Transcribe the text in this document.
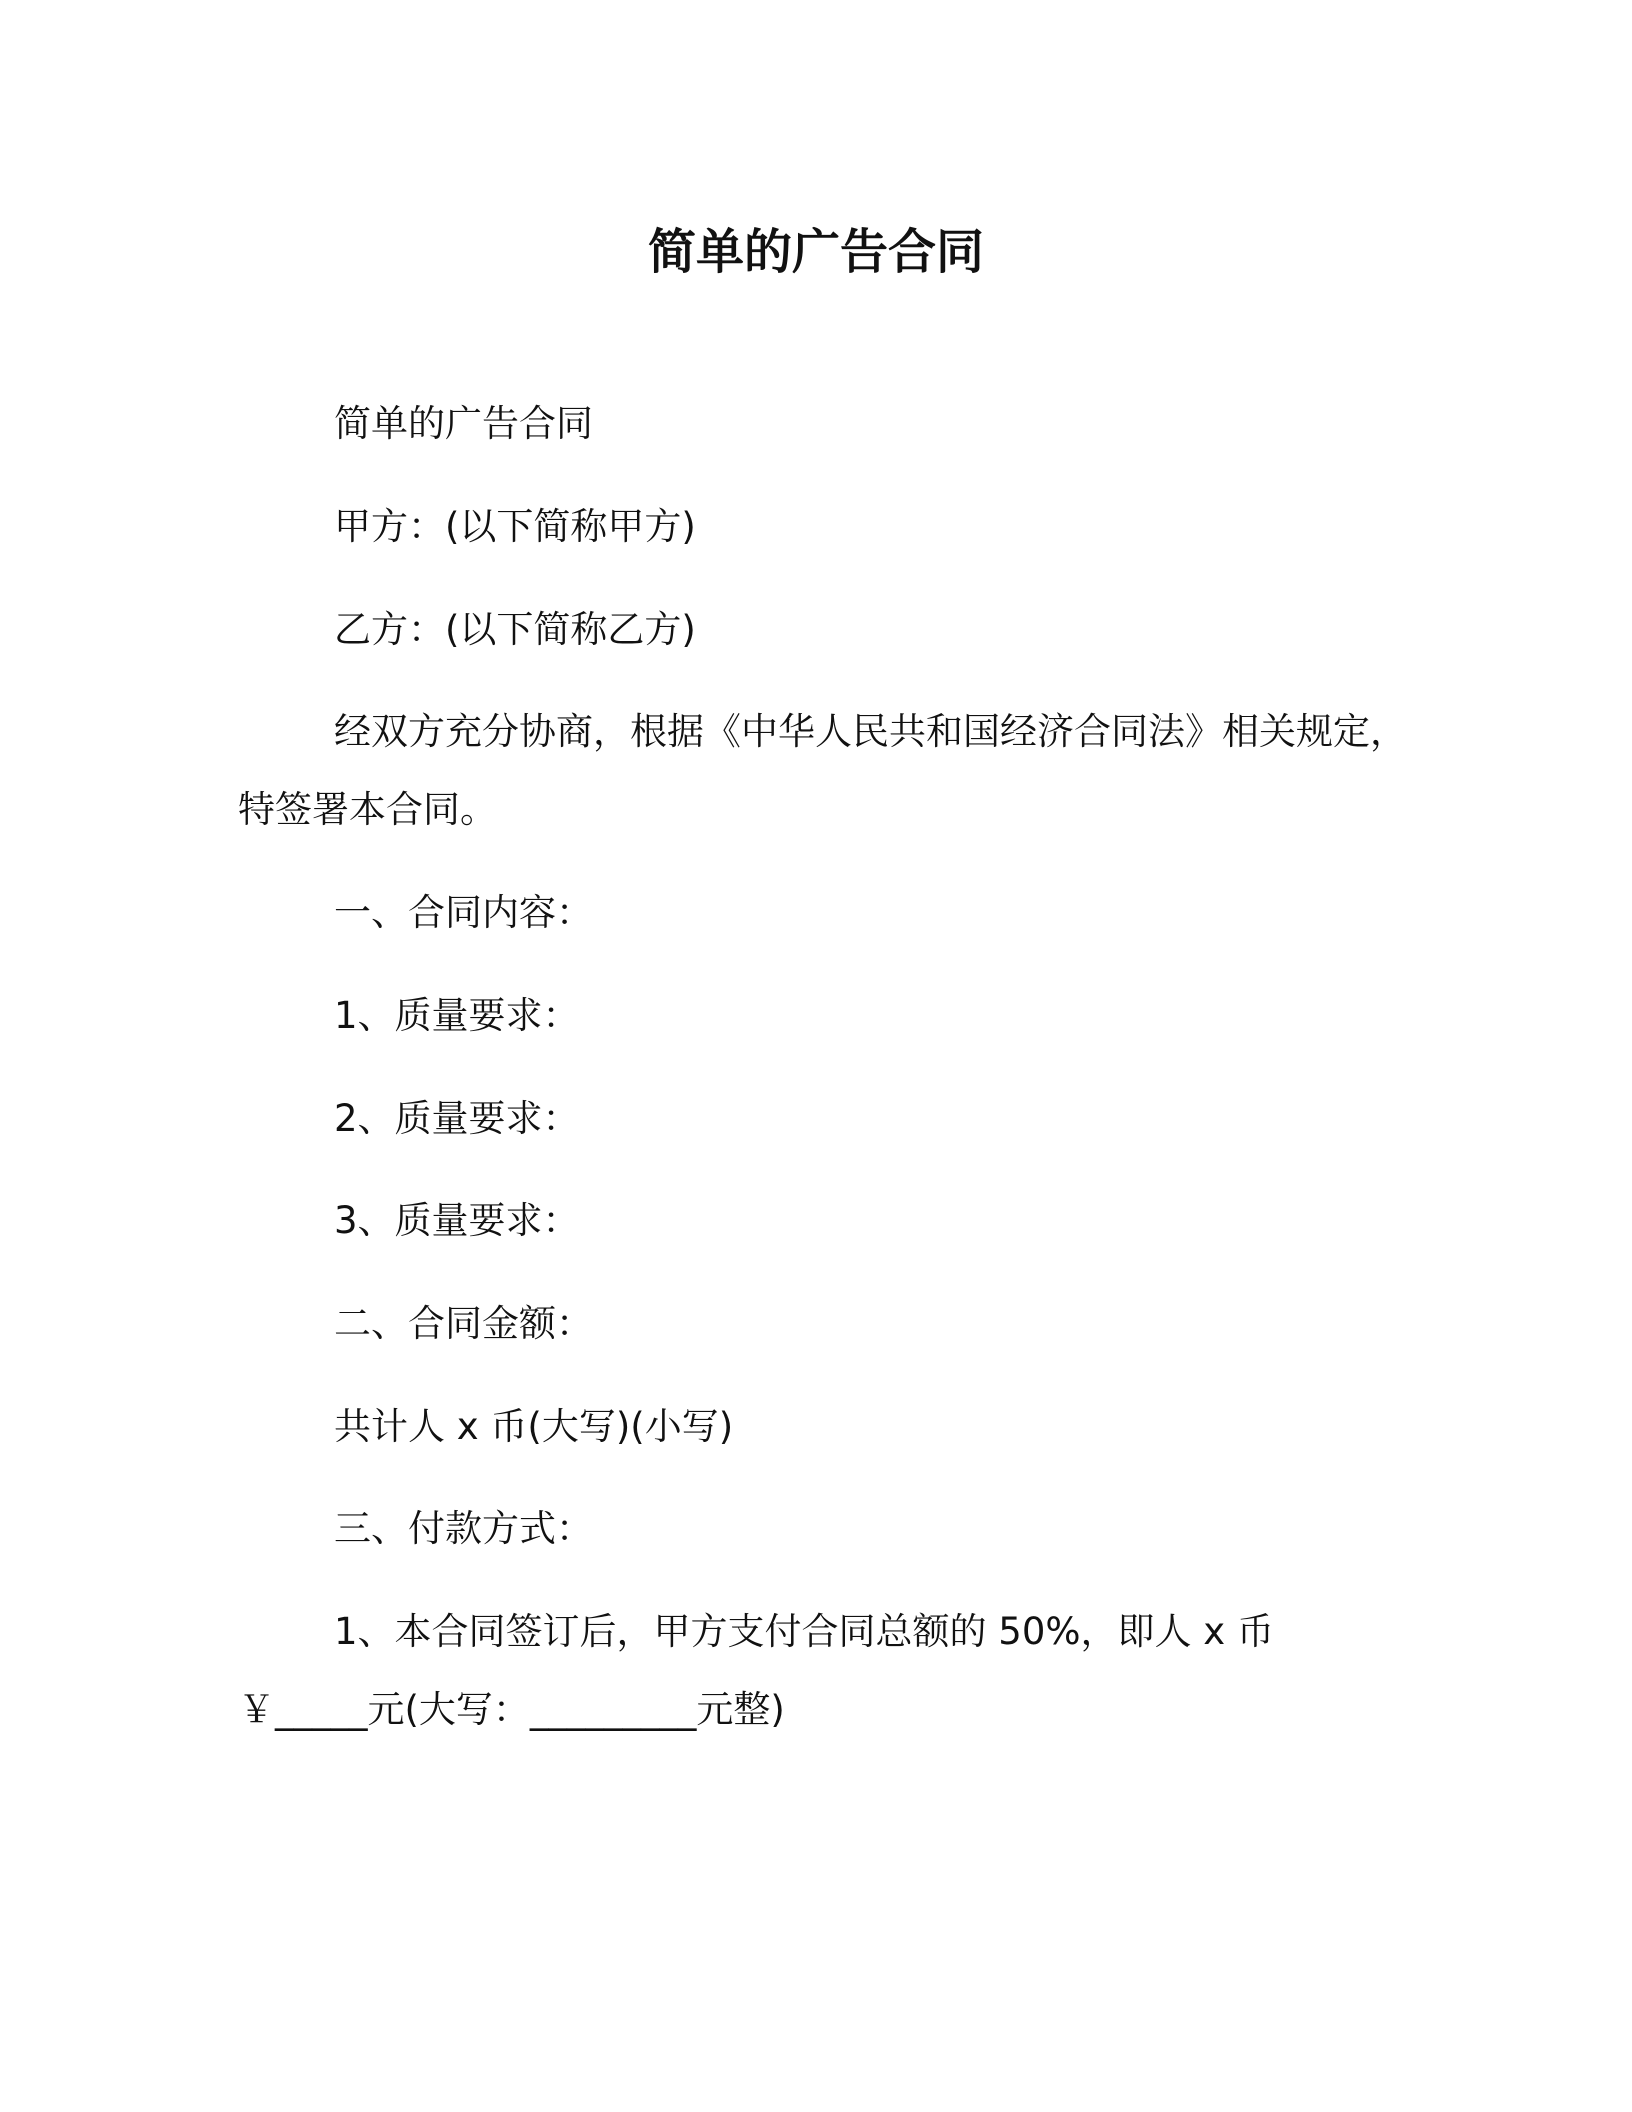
简单的广告合同

简单的广告合同

甲方：(以下简称甲方)

乙方：(以下简称乙方)

经双方充分协商，根据《中华人民共和国经济合同法》相关规定，
特签署本合同。

一、合同内容：

1、质量要求：

2、质量要求：

3、质量要求：

二、合同金额：

共计人 x 币(大写)(小写)

三、付款方式：

1、本合同签订后，甲方支付合同总额的 50%，即人 x 币
￥_____元(大写：_________元整)
